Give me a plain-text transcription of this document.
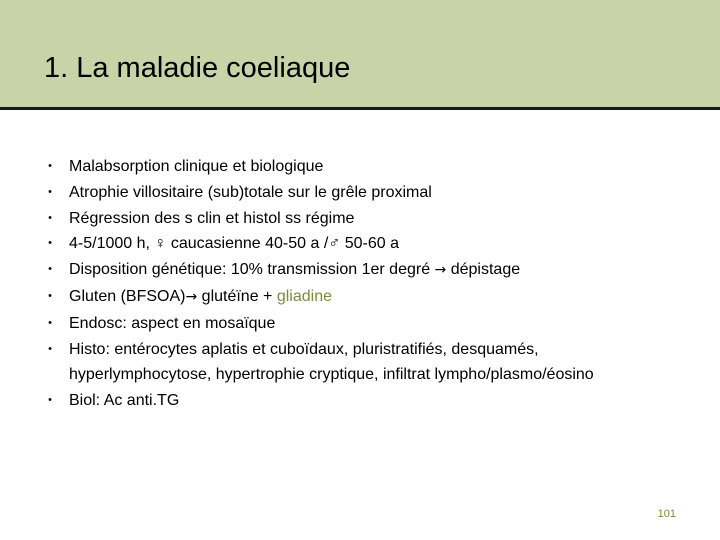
1. La maladie coeliaque
• Malabsorption clinique et biologique
• Atrophie villositaire (sub)totale sur le grêle proximal
• Régression des s clin et histol ss régime
• 4-5/1000 h, ♀ caucasienne 40-50 a /♂ 50-60 a
• Disposition génétique: 10% transmission 1er degré → dépistage
• Gluten (BFSOA)→ glutéïne + gliadine
• Endosc: aspect en mosaïque
• Histo: entérocytes aplatis et cuboïdaux, pluristratifiés, desquamés, hyperlymphocytose, hypertrophie cryptique, infiltrat lympho/plasmo/éosino
• Biol: Ac anti.TG
101
